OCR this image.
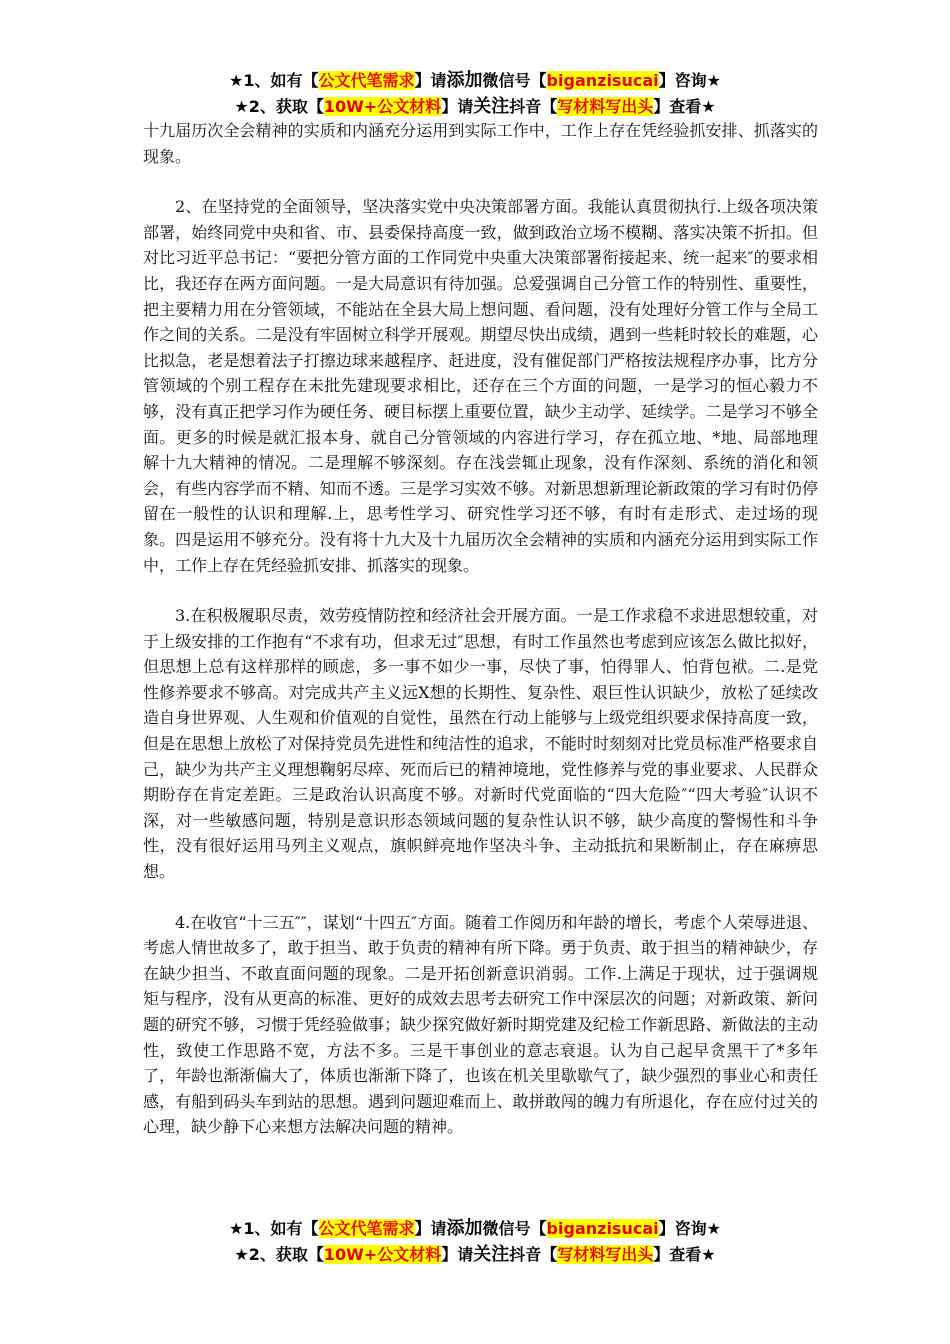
★1、如有【公文代笔需求】请添加微信号【biganzisucai】咨询★
★2、获取【10W+公文材料】请关注抖音【写材料写出头】查看★

十九届历次全会精神的实质和内涵充分运用到实际工作中，工作上存在凭经验抓安排、抓落实的现象。

2、在坚持党的全面领导，坚决落实党中央决策部署方面。我能认真贯彻执行.上级各项决策部署，始终同党中央和省、市、县委保持高度一致，做到政治立场不模糊、落实决策不折扣。但对比习近平总书记：“要把分管方面的工作同党中央重大决策部署衔接起来、统一起来″的要求相比，我还存在两方面问题。一是大局意识有待加强。总爱强调自己分管工作的特别性、重要性，把主要精力用在分管领域，不能站在全县大局上想问题、看问题，没有处理好分管工作与全局工作之间的关系。二是没有牢固树立科学开展观。期望尽快出成绩，遇到一些耗时较长的难题，心比拟急，老是想着法子打擦边球来越程序、赶进度，没有催促部门严格按法规程序办事，比方分管领域的个别工程存在未批先建现要求相比，还存在三个方面的问题，一是学习的恒心毅力不够，没有真正把学习作为硬任务、硬目标摆上重要位置，缺少主动学、延续学。二是学习不够全面。更多的时候是就汇报本身、就自己分管领域的内容进行学习，存在孤立地、*地、局部地理解十九大精神的情况。二是理解不够深刻。存在浅尝辄止现象，没有作深刻、系统的消化和领会，有些内容学而不精、知而不透。三是学习实效不够。对新思想新理论新政策的学习有时仍停留在一般性的认识和理解.上，思考性学习、研究性学习还不够，有时有走形式、走过场的现象。四是运用不够充分。没有将十九大及十九届历次全会精神的实质和内涵充分运用到实际工作中，工作上存在凭经验抓安排、抓落实的现象。

3.在积极履职尽责，效劳疫情防控和经济社会开展方面。一是工作求稳不求进思想较重，对于上级安排的工作抱有“不求有功，但求无过″思想，有时工作虽然也考虑到应该怎么做比拟好，但思想上总有这样那样的顾虑，多一事不如少一事，尽快了事，怕得罪人、怕背包袱。二.是党性修养要求不够高。对完成共产主义远X想的长期性、复杂性、艰巨性认识缺少，放松了延续改造自身世界观、人生观和价值观的自觉性，虽然在行动上能够与上级党组织要求保持高度一致，但是在思想上放松了对保持党员先进性和纯洁性的追求，不能时时刻刻对比党员标准严格要求自己，缺少为共产主义理想鞠躬尽瘁、死而后已的精神境地，党性修养与党的事业要求、人民群众期盼存在肯定差距。三是政治认识高度不够。对新时代党面临的“四大危险″“四大考验″认识不深，对一些敏感问题，特别是意识形态领域问题的复杂性认识不够，缺少高度的警惕性和斗争性，没有很好运用马列主义观点，旗帜鲜亮地作坚决斗争、主动抵抗和果断制止，存在麻痹思想。

4.在收官“十三五″″，谋划“十四五″方面。随着工作阅历和年龄的增长，考虑个人荣辱进退、考虑人情世故多了，敢于担当、敢于负责的精神有所下降。勇于负责、敢于担当的精神缺少，存在缺少担当、不敢直面问题的现象。二是开拓创新意识消弱。工作.上满足于现状，过于强调规矩与程序，没有从更高的标准、更好的成效去思考去研究工作中深层次的问题；对新政策、新问题的研究不够，习惯于凭经验做事；缺少探究做好新时期党建及纪检工作新思路、新做法的主动性，致使工作思路不宽，方法不多。三是干事创业的意志衰退。认为自己起早贪黑干了*多年了，年龄也渐渐偏大了，体质也渐渐下降了，也该在机关里歇歇气了，缺少强烈的事业心和责任感，有船到码头车到站的思想。遇到问题迎难而上、敢拼敢闯的魄力有所退化，存在应付过关的心理，缺少静下心来想方法解决问题的精神。

★1、如有【公文代笔需求】请添加微信号【biganzisucai】咨询★
★2、获取【10W+公文材料】请关注抖音【写材料写出头】查看★
